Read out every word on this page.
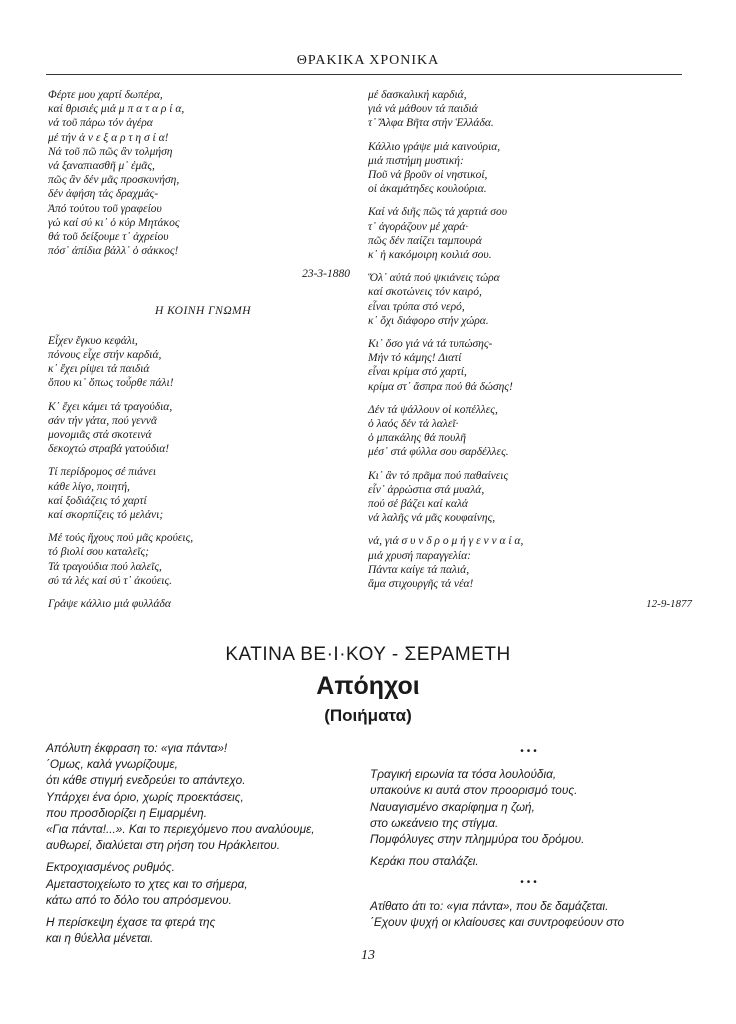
ΘΡΑΚΙΚΑ ΧΡΟΝΙΚΑ
Φέρτε μου χαρτί δωπέρα,
καί θρισιές μιά μ π α τ α ρ ί α,
νά τοῦ πάρω τόν ἀγέρα
μέ τήν ἀ ν ε ξ α ρ τ η σ ί α!
Νά τοῦ πῶ πῶς ἂν τολμήση
νά ξαναπιασθῆ μ᾽ ἐμᾶς,
πῶς ἂν δέν μᾶς προσκυνήση,
δέν ἀφήση τάς δραχμάς-
Ἀπό τούτου τοῦ γραφείου
γώ καί σύ κι᾽ ὁ κύρ Μητάκος
θά τοῦ δείξουμε τ᾽ ἀχρείου
πόσ᾽ ἀπίδια βάλλ᾽ ὁ σάκκος!
23-3-1880
Η ΚΟΙΝΗ ΓΝΩΜΗ
Εἶχεν ἔγκυο κεφάλι,
πόνους εἶχε στήν καρδιά,
κ᾽ ἔχει ρίψει τά παιδιά
ὅπου κι᾽ ὅπως τοὖρθε πάλι!
Κ᾽ ἔχει κάμει τά τραγούδια,
σάν τήν γάτα, πού γεννᾶ
μονομιᾶς στά σκοτεινά
δεκοχτώ στραβά γατούδια!
Τί περίδρομος σέ πιάνει
κάθε λίγο, ποιητή,
καί ξοδιάζεις τό χαρτί
καί σκορπίζεις τό μελάνι;
Μέ τούς ἤχους πού μᾶς κρούεις,
τό βιολί σου καταλεῖς;
Τά τραγούδια πού λαλεῖς,
σύ τά λές καί σύ τ᾽ ἀκούεις.
Γράψε κάλλιο μιά φυλλάδα
μέ δασκαλική καρδιά,
γιά νά μάθουν τά παιδιά
τ᾽ Ἄλφα Βῆτα στήν Ἑλλάδα.
Κάλλιο γράψε μιά καινούρια,
μιά πιστήμη μυστική:
Ποῦ νά βροῦν οἱ νηστικοί,
οἱ ἀκαμάτηδες κουλούρια.
Καί νά διῆς πῶς τά χαρτιά σου
τ᾽ ἀγοράζουν μέ χαρά·
πῶς δέν παίζει ταμπουρά
κ᾽ ἡ κακόμοιρη κοιλιά σου.
Ὅλ᾽ αὐτά πού ψκιάνεις τώρα
καί σκοτώνεις τόν καιρό,
εἶναι τρύπα στό νερό,
κ᾽ ὄχι διάφορο στήν χώρα.
Κι᾽ ὅσο γιά νά τά τυπώσης-
Μήν τό κάμης! Διατί
εἶναι κρίμα στό χαρτί,
κρίμα στ᾽ ἄσπρα πού θά δώσης!
Δέν τά ψάλλουν οἱ κοπέλλες,
ὁ λαός δέν τά λαλεῖ·
ὁ μπακάλης θά πουλῆ
μέσ᾽ στά φύλλα σου σαρδέλλες.
Κι᾽ ἂν τό πρᾶμα πού παθαίνεις
εἶν᾽ ἀρρώστια στά μυαλά,
πού σέ βάζει καί καλά
νά λαλῆς νά μᾶς κουφαίνης,
νά, γιά σ υ ν δ ρ ο μ ή γ ε ν ν α ί α,
μιά χρυσή παραγγελία:
Πάντα καίγε τά παλιά,
ἅμα στιχουργῆς τά νέα!
12-9-1877
ΚΑΤΙΝΑ ΒΕ·Ι·ΚΟΥ - ΣΕΡΑΜΕΤΗ
Απόηχοι
(Ποιήματα)
Απόλυτη έκφραση το: «για πάντα»!
΄Ομως, καλά γνωρίζουμε,
ότι κάθε στιγμή ενεδρεύει το απάντεχο.
Υπάρχει ένα όριο, χωρίς προεκτάσεις,
που προσδιορίζει η Ειμαρμένη.
«Για πάντα!...». Και το περιεχόμενο που αναλύουμε,
αυθωρεί, διαλύεται στη ρήση του Ηράκλειτου.
Εκτροχιασμένος ρυθμός.
Αμεταστοιχείωτο το χτες και το σήμερα,
κάτω από το δόλο του απρόσμενου.
Η περίσκεψη έχασε τα φτερά της
και η θύελλα μένεται.
•••
Τραγική ειρωνία τα τόσα λουλούδια,
υπακούνε κι αυτά στον προορισμό τους.
Ναυαγισμένο σκαρίφημα η ζωή,
στο ωκεάνειο της στίγμα.
Πομφόλυγες στην πλημμύρα του δρόμου.
Κεράκι που σταλάζει.
•••
Ατίθατο άτι το: «για πάντα», που δε δαμάζεται.
΄Εχουν ψυχή οι κλαίουσες και συντροφεύουν στο
13
